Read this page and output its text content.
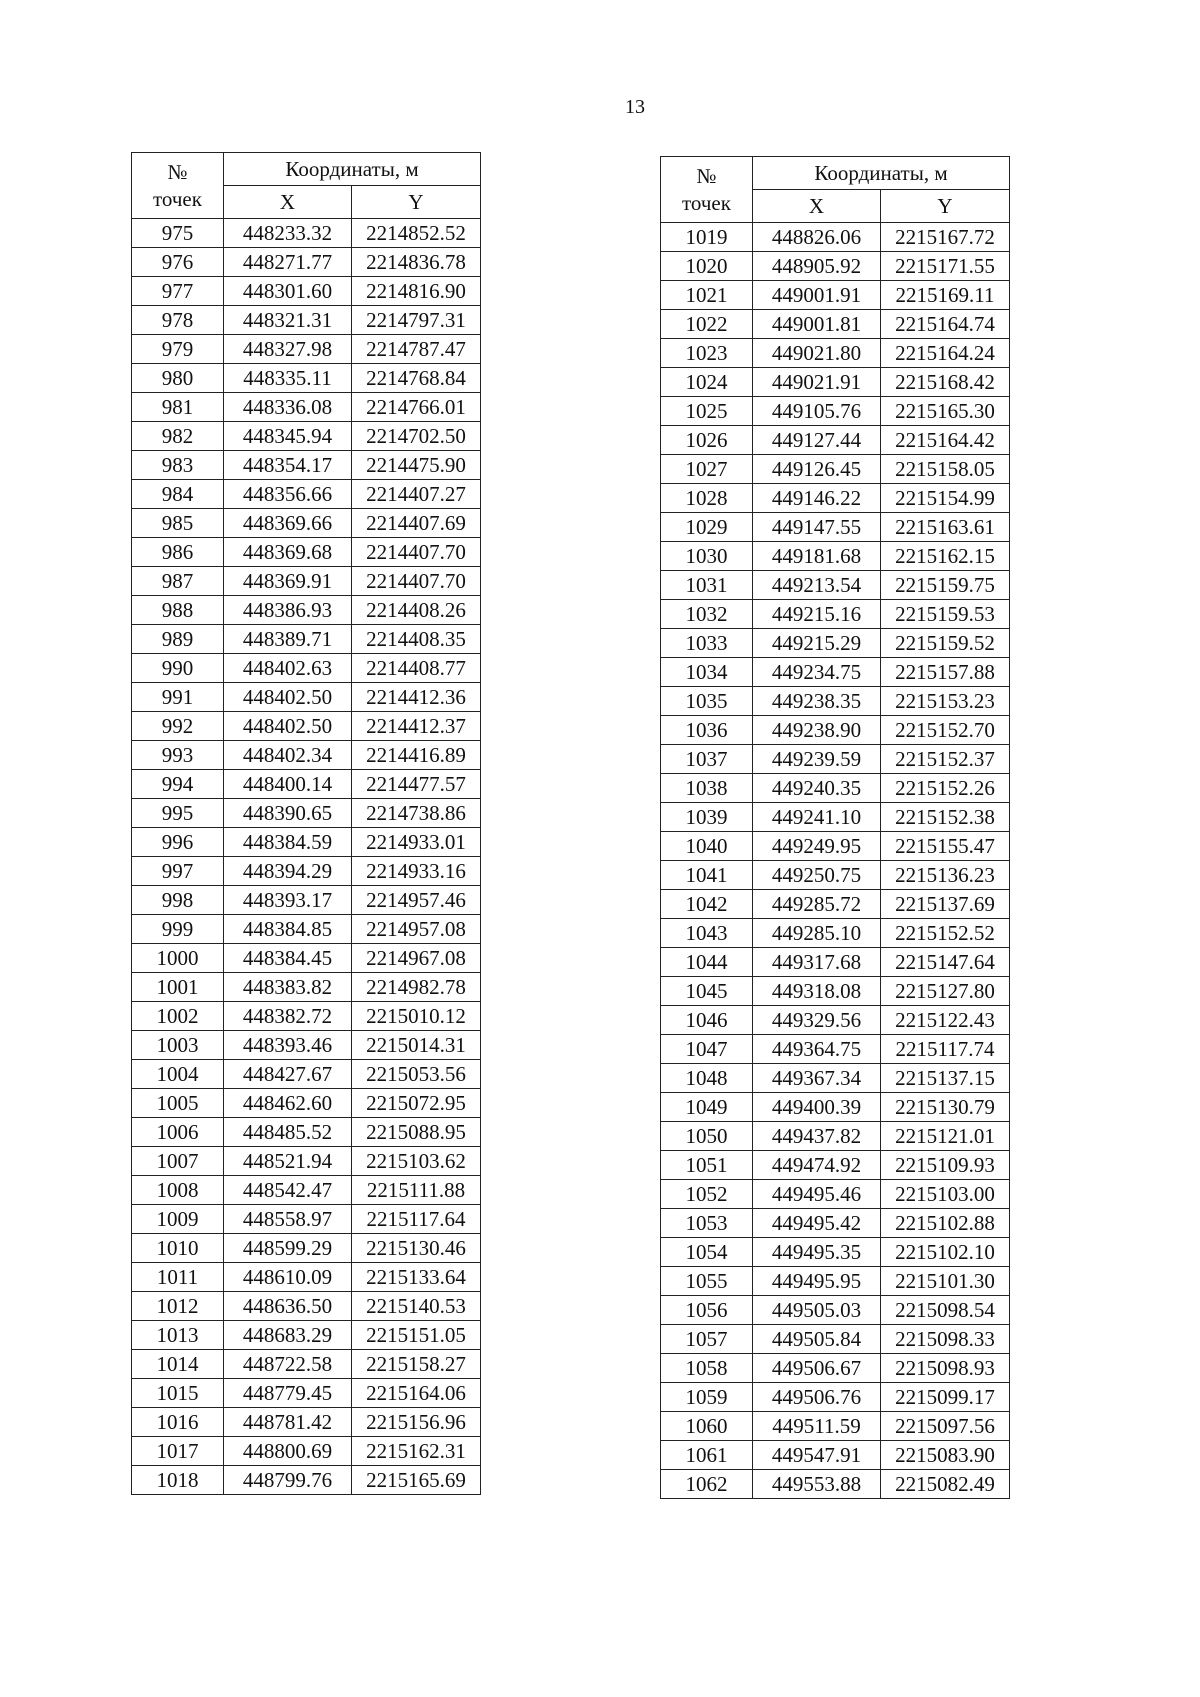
13
№
точек	Координаты, м	
	X	Y
975	448233.32	2214852.52
976	448271.77	2214836.78
977	448301.60	2214816.90
978	448321.31	2214797.31
979	448327.98	2214787.47
980	448335.11	2214768.84
981	448336.08	2214766.01
982	448345.94	2214702.50
983	448354.17	2214475.90
984	448356.66	2214407.27
985	448369.66	2214407.69
986	448369.68	2214407.70
987	448369.91	2214407.70
988	448386.93	2214408.26
989	448389.71	2214408.35
990	448402.63	2214408.77
991	448402.50	2214412.36
992	448402.50	2214412.37
993	448402.34	2214416.89
994	448400.14	2214477.57
995	448390.65	2214738.86
996	448384.59	2214933.01
997	448394.29	2214933.16
998	448393.17	2214957.46
999	448384.85	2214957.08
1000	448384.45	2214967.08
1001	448383.82	2214982.78
1002	448382.72	2215010.12
1003	448393.46	2215014.31
1004	448427.67	2215053.56
1005	448462.60	2215072.95
1006	448485.52	2215088.95
1007	448521.94	2215103.62
1008	448542.47	2215111.88
1009	448558.97	2215117.64
1010	448599.29	2215130.46
1011	448610.09	2215133.64
1012	448636.50	2215140.53
1013	448683.29	2215151.05
1014	448722.58	2215158.27
1015	448779.45	2215164.06
1016	448781.42	2215156.96
1017	448800.69	2215162.31
1018	448799.76	2215165.69
№
точек	Координаты, м	
	X	Y
1019	448826.06	2215167.72
1020	448905.92	2215171.55
1021	449001.91	2215169.11
1022	449001.81	2215164.74
1023	449021.80	2215164.24
1024	449021.91	2215168.42
1025	449105.76	2215165.30
1026	449127.44	2215164.42
1027	449126.45	2215158.05
1028	449146.22	2215154.99
1029	449147.55	2215163.61
1030	449181.68	2215162.15
1031	449213.54	2215159.75
1032	449215.16	2215159.53
1033	449215.29	2215159.52
1034	449234.75	2215157.88
1035	449238.35	2215153.23
1036	449238.90	2215152.70
1037	449239.59	2215152.37
1038	449240.35	2215152.26
1039	449241.10	2215152.38
1040	449249.95	2215155.47
1041	449250.75	2215136.23
1042	449285.72	2215137.69
1043	449285.10	2215152.52
1044	449317.68	2215147.64
1045	449318.08	2215127.80
1046	449329.56	2215122.43
1047	449364.75	2215117.74
1048	449367.34	2215137.15
1049	449400.39	2215130.79
1050	449437.82	2215121.01
1051	449474.92	2215109.93
1052	449495.46	2215103.00
1053	449495.42	2215102.88
1054	449495.35	2215102.10
1055	449495.95	2215101.30
1056	449505.03	2215098.54
1057	449505.84	2215098.33
1058	449506.67	2215098.93
1059	449506.76	2215099.17
1060	449511.59	2215097.56
1061	449547.91	2215083.90
1062	449553.88	2215082.49
